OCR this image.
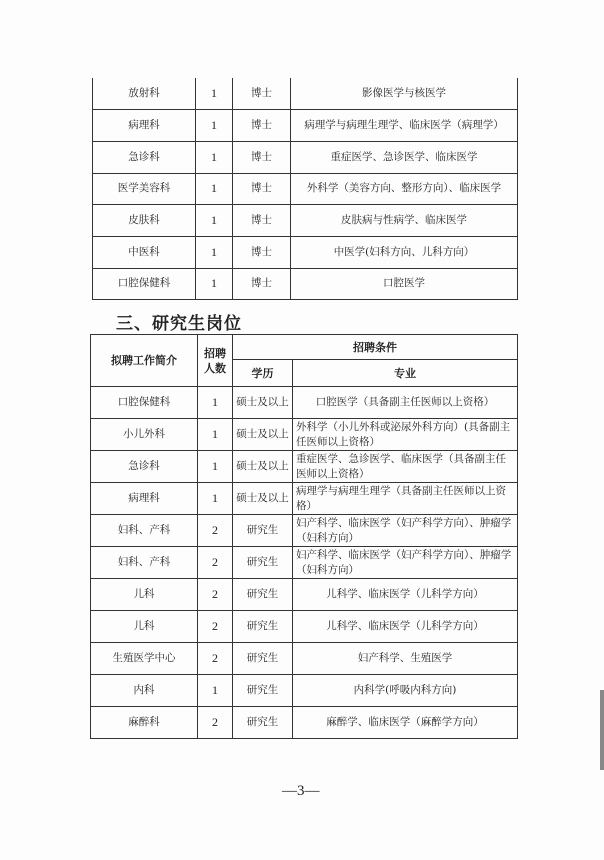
放射科	1	博士	影像医学与核医学
病理科	1	博士	病理学与病理生理学、临床医学（病理学）
急诊科	1	博士	重症医学、急诊医学、临床医学
医学美容科	1	博士	外科学（美容方向、整形方向）、临床医学
皮肤科	1	博士	皮肤病与性病学、临床医学
中医科	1	博士	中医学(妇科方向、儿科方向）
口腔保健科	1	博士	口腔医学
三、研究生岗位
拟聘工作简介	招聘人数	招聘条件	
		学历	专业
口腔保健科	1	硕士及以上	口腔医学（具备副主任医师以上资格）
小儿外科	1	硕士及以上	外科学（小儿外科或泌尿外科方向）(具备副主任医师以上资格）
急诊科	1	硕士及以上	重症医学、急诊医学、临床医学（具备副主任医师以上资格）
病理科	1	硕士及以上	病理学与病理生理学（具备副主任医师以上资格）
妇科、产科	2	研究生	妇产科学、临床医学（妇产科学方向）、肿瘤学（妇科方向）
妇科、产科	2	研究生	妇产科学、临床医学（妇产科学方向）、肿瘤学（妇科方向）
儿科	2	研究生	儿科学、临床医学（儿科学方向）
儿科	2	研究生	儿科学、临床医学（儿科学方向）
生殖医学中心	2	研究生	妇产科学、生殖医学
内科	1	研究生	内科学(呼吸内科方向)
麻醉科	2	研究生	麻醉学、临床医学（麻醉学方向）
—3—
